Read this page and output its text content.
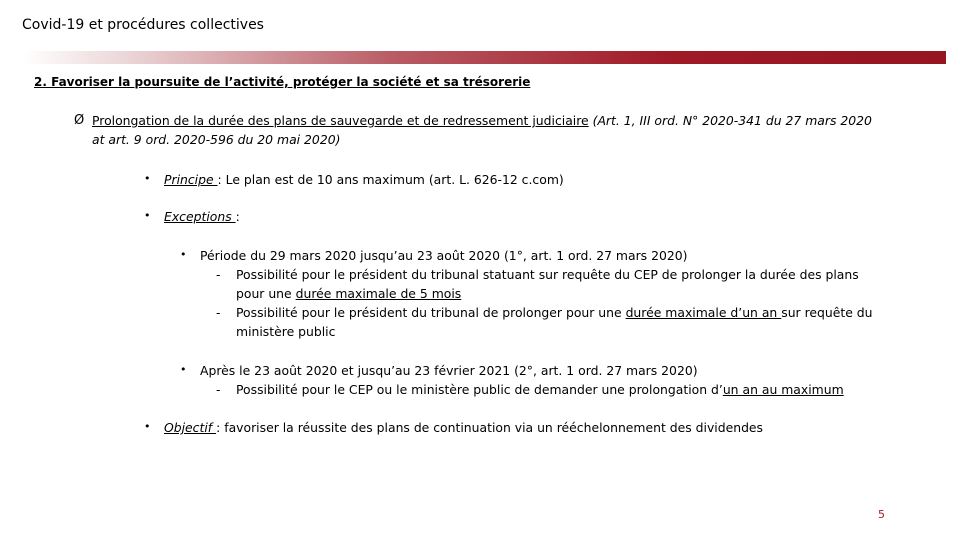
Covid-19 et procédures collectives
2. Favoriser la poursuite de l’activité, protéger la société et sa trésorerie
Ø Prolongation de la durée des plans de sauvegarde et de redressement judiciaire (Art. 1, III ord. N° 2020-341 du 27 mars 2020
at art. 9 ord. 2020-596 du 20 mai 2020)
• Principe : Le plan est de 10 ans maximum (art. L. 626-12 c.com)
• Exceptions :
• Période du 29 mars 2020 jusqu’au 23 août 2020 (1°, art. 1 ord. 27 mars 2020)
- Possibilité pour le président du tribunal statuant sur requête du CEP de prolonger la durée des plans
pour une durée maximale de 5 mois
- Possibilité pour le président du tribunal de prolonger pour une durée maximale d’un an sur requête du
ministère public
• Après le 23 août 2020 et jusqu’au 23 février 2021 (2°, art. 1 ord. 27 mars 2020)
- Possibilité pour le CEP ou le ministère public de demander une prolongation d’un an au maximum
• Objectif : favoriser la réussite des plans de continuation via un rééchelonnement des dividendes
5
